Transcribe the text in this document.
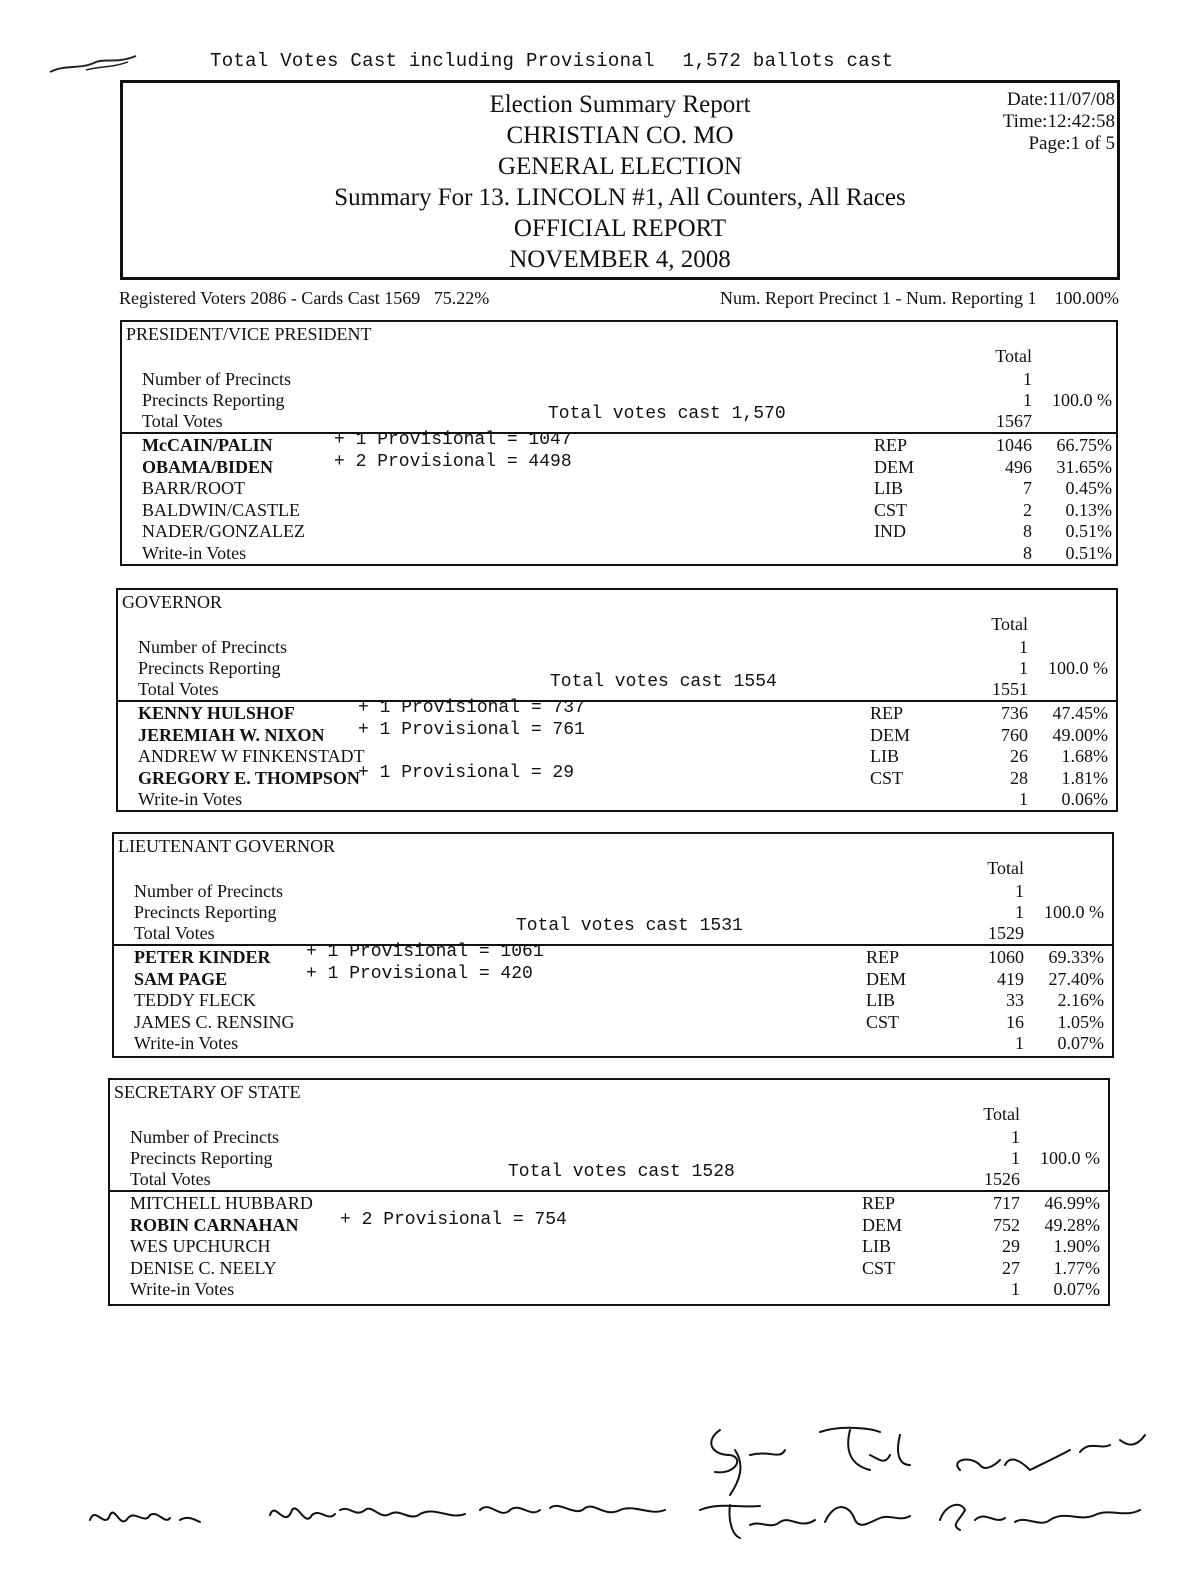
Total Votes Cast including Provisional 1,572 ballots cast
Election Summary Report
CHRISTIAN CO. MO
GENERAL ELECTION
Summary For 13. LINCOLN #1, All Counters, All Races
OFFICIAL REPORT
NOVEMBER 4, 2008
Date:11/07/08
Time:12:42:58
Page:1 of 5
Registered Voters 2086 - Cards Cast 1569   75.22%	Num. Report Precinct 1 - Num. Reporting 1    100.00%
PRESIDENT/VICE PRESIDENT
Total
Number of Precincts	1
Precincts Reporting	1	100.0 %
Total Votes	1567
Total votes cast 1,570
McCAIN/PALIN	REP	1046	66.75%
+ 1 Provisional = 1047
OBAMA/BIDEN	DEM	496	31.65%
+ 2 Provisional = 4498
BARR/ROOT	LIB	7	0.45%
BALDWIN/CASTLE	CST	2	0.13%
NADER/GONZALEZ	IND	8	0.51%
Write-in Votes	8	0.51%
GOVERNOR
Total
Number of Precincts	1
Precincts Reporting	1	100.0 %
Total Votes	1551
Total votes cast 1554
KENNY HULSHOF	REP	736	47.45%
+ 1 Provisional = 737
JEREMIAH W. NIXON	DEM	760	49.00%
+ 1 Provisional = 761
ANDREW W FINKENSTADT	LIB	26	1.68%
GREGORY E. THOMPSON	CST	28	1.81%
+ 1 Provisional = 29
Write-in Votes	1	0.06%
LIEUTENANT GOVERNOR
Total
Number of Precincts	1
Precincts Reporting	1	100.0 %
Total Votes	1529
Total votes cast 1531
PETER KINDER	REP	1060	69.33%
+ 1 Provisional = 1061
SAM PAGE	DEM	419	27.40%
+ 1 Provisional = 420
TEDDY FLECK	LIB	33	2.16%
JAMES C. RENSING	CST	16	1.05%
Write-in Votes	1	0.07%
SECRETARY OF STATE
Total
Number of Precincts	1
Precincts Reporting	1	100.0 %
Total Votes	1526
Total votes cast 1528
MITCHELL HUBBARD	REP	717	46.99%
ROBIN CARNAHAN	DEM	752	49.28%
+ 2 Provisional = 754
WES UPCHURCH	LIB	29	1.90%
DENISE C. NEELY	CST	27	1.77%
Write-in Votes	1	0.07%
